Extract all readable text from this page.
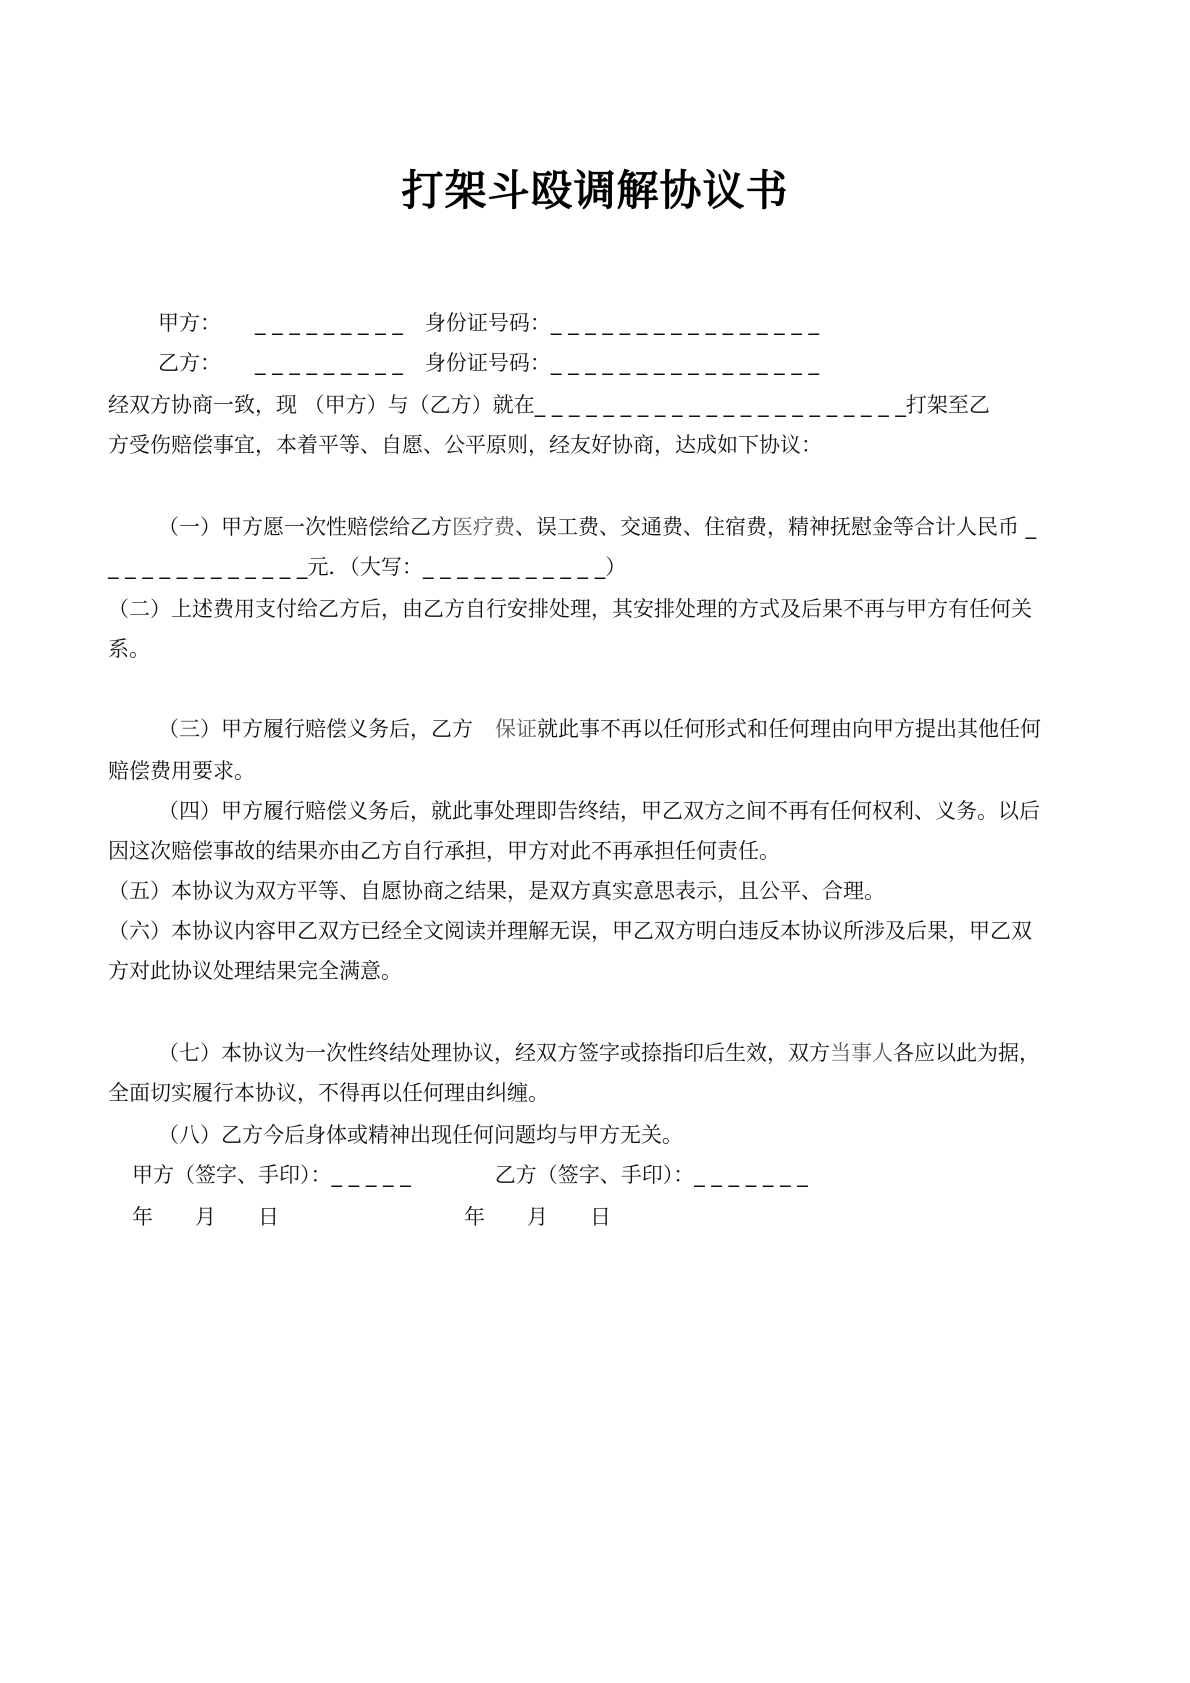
打架斗殴调解协议书
甲方： _ _ _ _ _ _ _ _ _ 身份证号码：_ _ _ _ _ _ _ _ _ _ _ _ _ _ _ _
乙方： _ _ _ _ _ _ _ _ _ 身份证号码：_ _ _ _ _ _ _ _ _ _ _ _ _ _ _ _
经双方协商一致，现 （甲方）与（乙方）就在_ _ _ _ _ _ _ _ _ _ _ _ _ _ _ _ _ _ _ _ _ _打架至乙
方受伤赔偿事宜，本着平等、自愿、公平原则，经友好协商，达成如下协议：
（一）甲方愿一次性赔偿给乙方医疗费、误工费、交通费、住宿费，精神抚慰金等合计人民币 _
_ _ _ _ _ _ _ _ _ _ _ _元．（大写：_ _ _ _ _ _ _ _ _ _ _）
（二）上述费用支付给乙方后，由乙方自行安排处理，其安排处理的方式及后果不再与甲方有任何关
系。
（三）甲方履行赔偿义务后，乙方 保证就此事不再以任何形式和任何理由向甲方提出其他任何
赔偿费用要求。
（四）甲方履行赔偿义务后，就此事处理即告终结，甲乙双方之间不再有任何权利、义务。以后
因这次赔偿事故的结果亦由乙方自行承担，甲方对此不再承担任何责任。
（五）本协议为双方平等、自愿协商之结果，是双方真实意思表示，且公平、合理。
（六）本协议内容甲乙双方已经全文阅读并理解无误，甲乙双方明白违反本协议所涉及后果，甲乙双
方对此协议处理结果完全满意。
（七）本协议为一次性终结处理协议，经双方签字或捺指印后生效，双方当事人各应以此为据，
全面切实履行本协议，不得再以任何理由纠缠。
（八）乙方今后身体或精神出现任何问题均与甲方无关。
甲方（签字、手印）：_ _ _ _ _	乙方（签字、手印）：_ _ _ _ _ _ _
年 月 日	年 月 日
